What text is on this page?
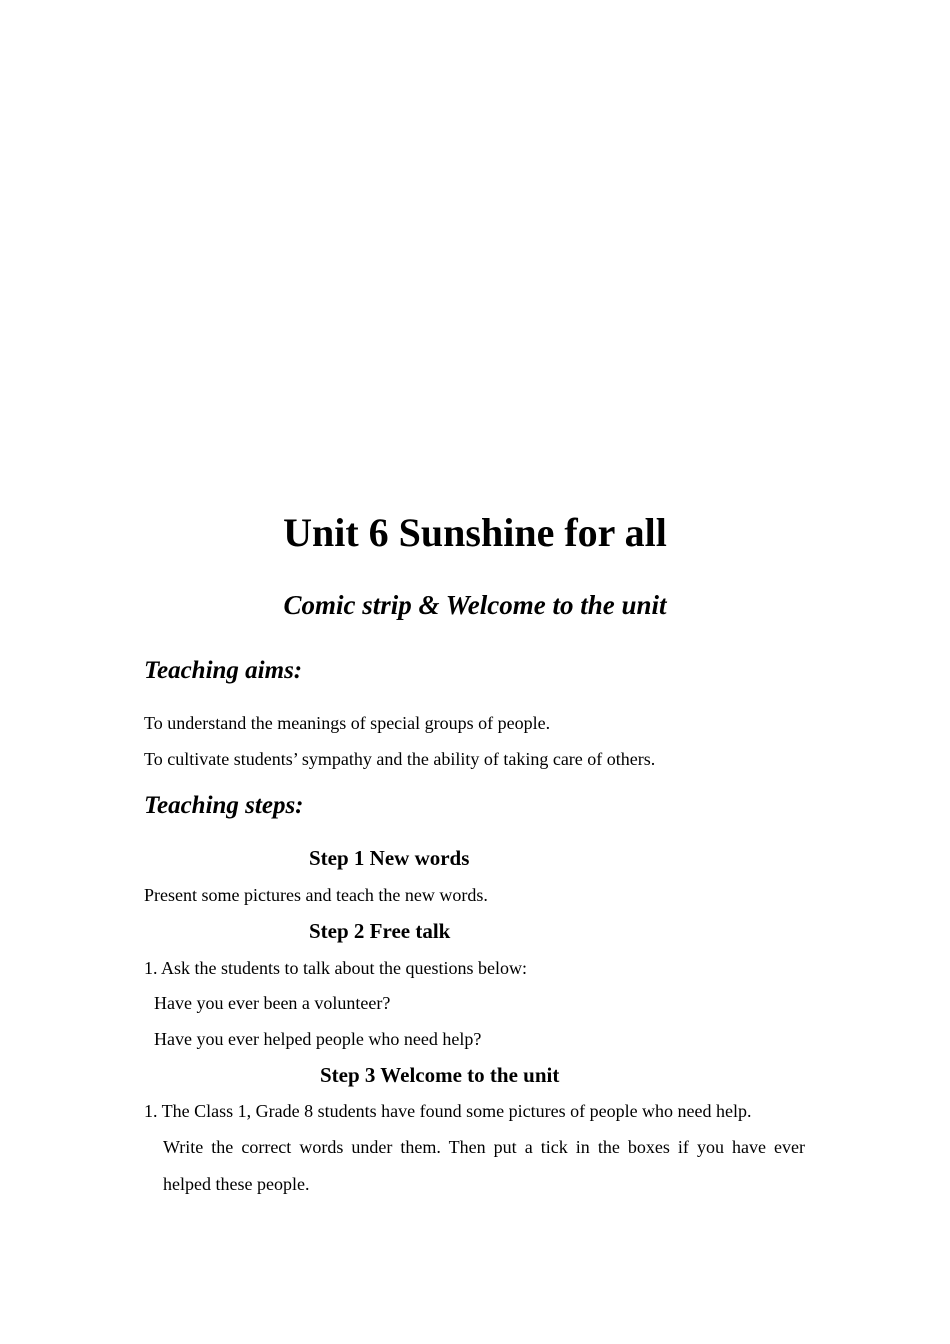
Unit 6 Sunshine for all
Comic strip & Welcome to the unit
Teaching aims:
To understand the meanings of special groups of people.
To cultivate students’ sympathy and the ability of taking care of others.
Teaching steps:
Step 1 New words
Present some pictures and teach the new words.
Step 2 Free talk
1. Ask the students to talk about the questions below:
Have you ever been a volunteer?
Have you ever helped people who need help?
Step 3 Welcome to the unit
1. The Class 1, Grade 8 students have found some pictures of people who need help.
Write the correct words under them. Then put a tick in the boxes if you have ever
helped these people.
